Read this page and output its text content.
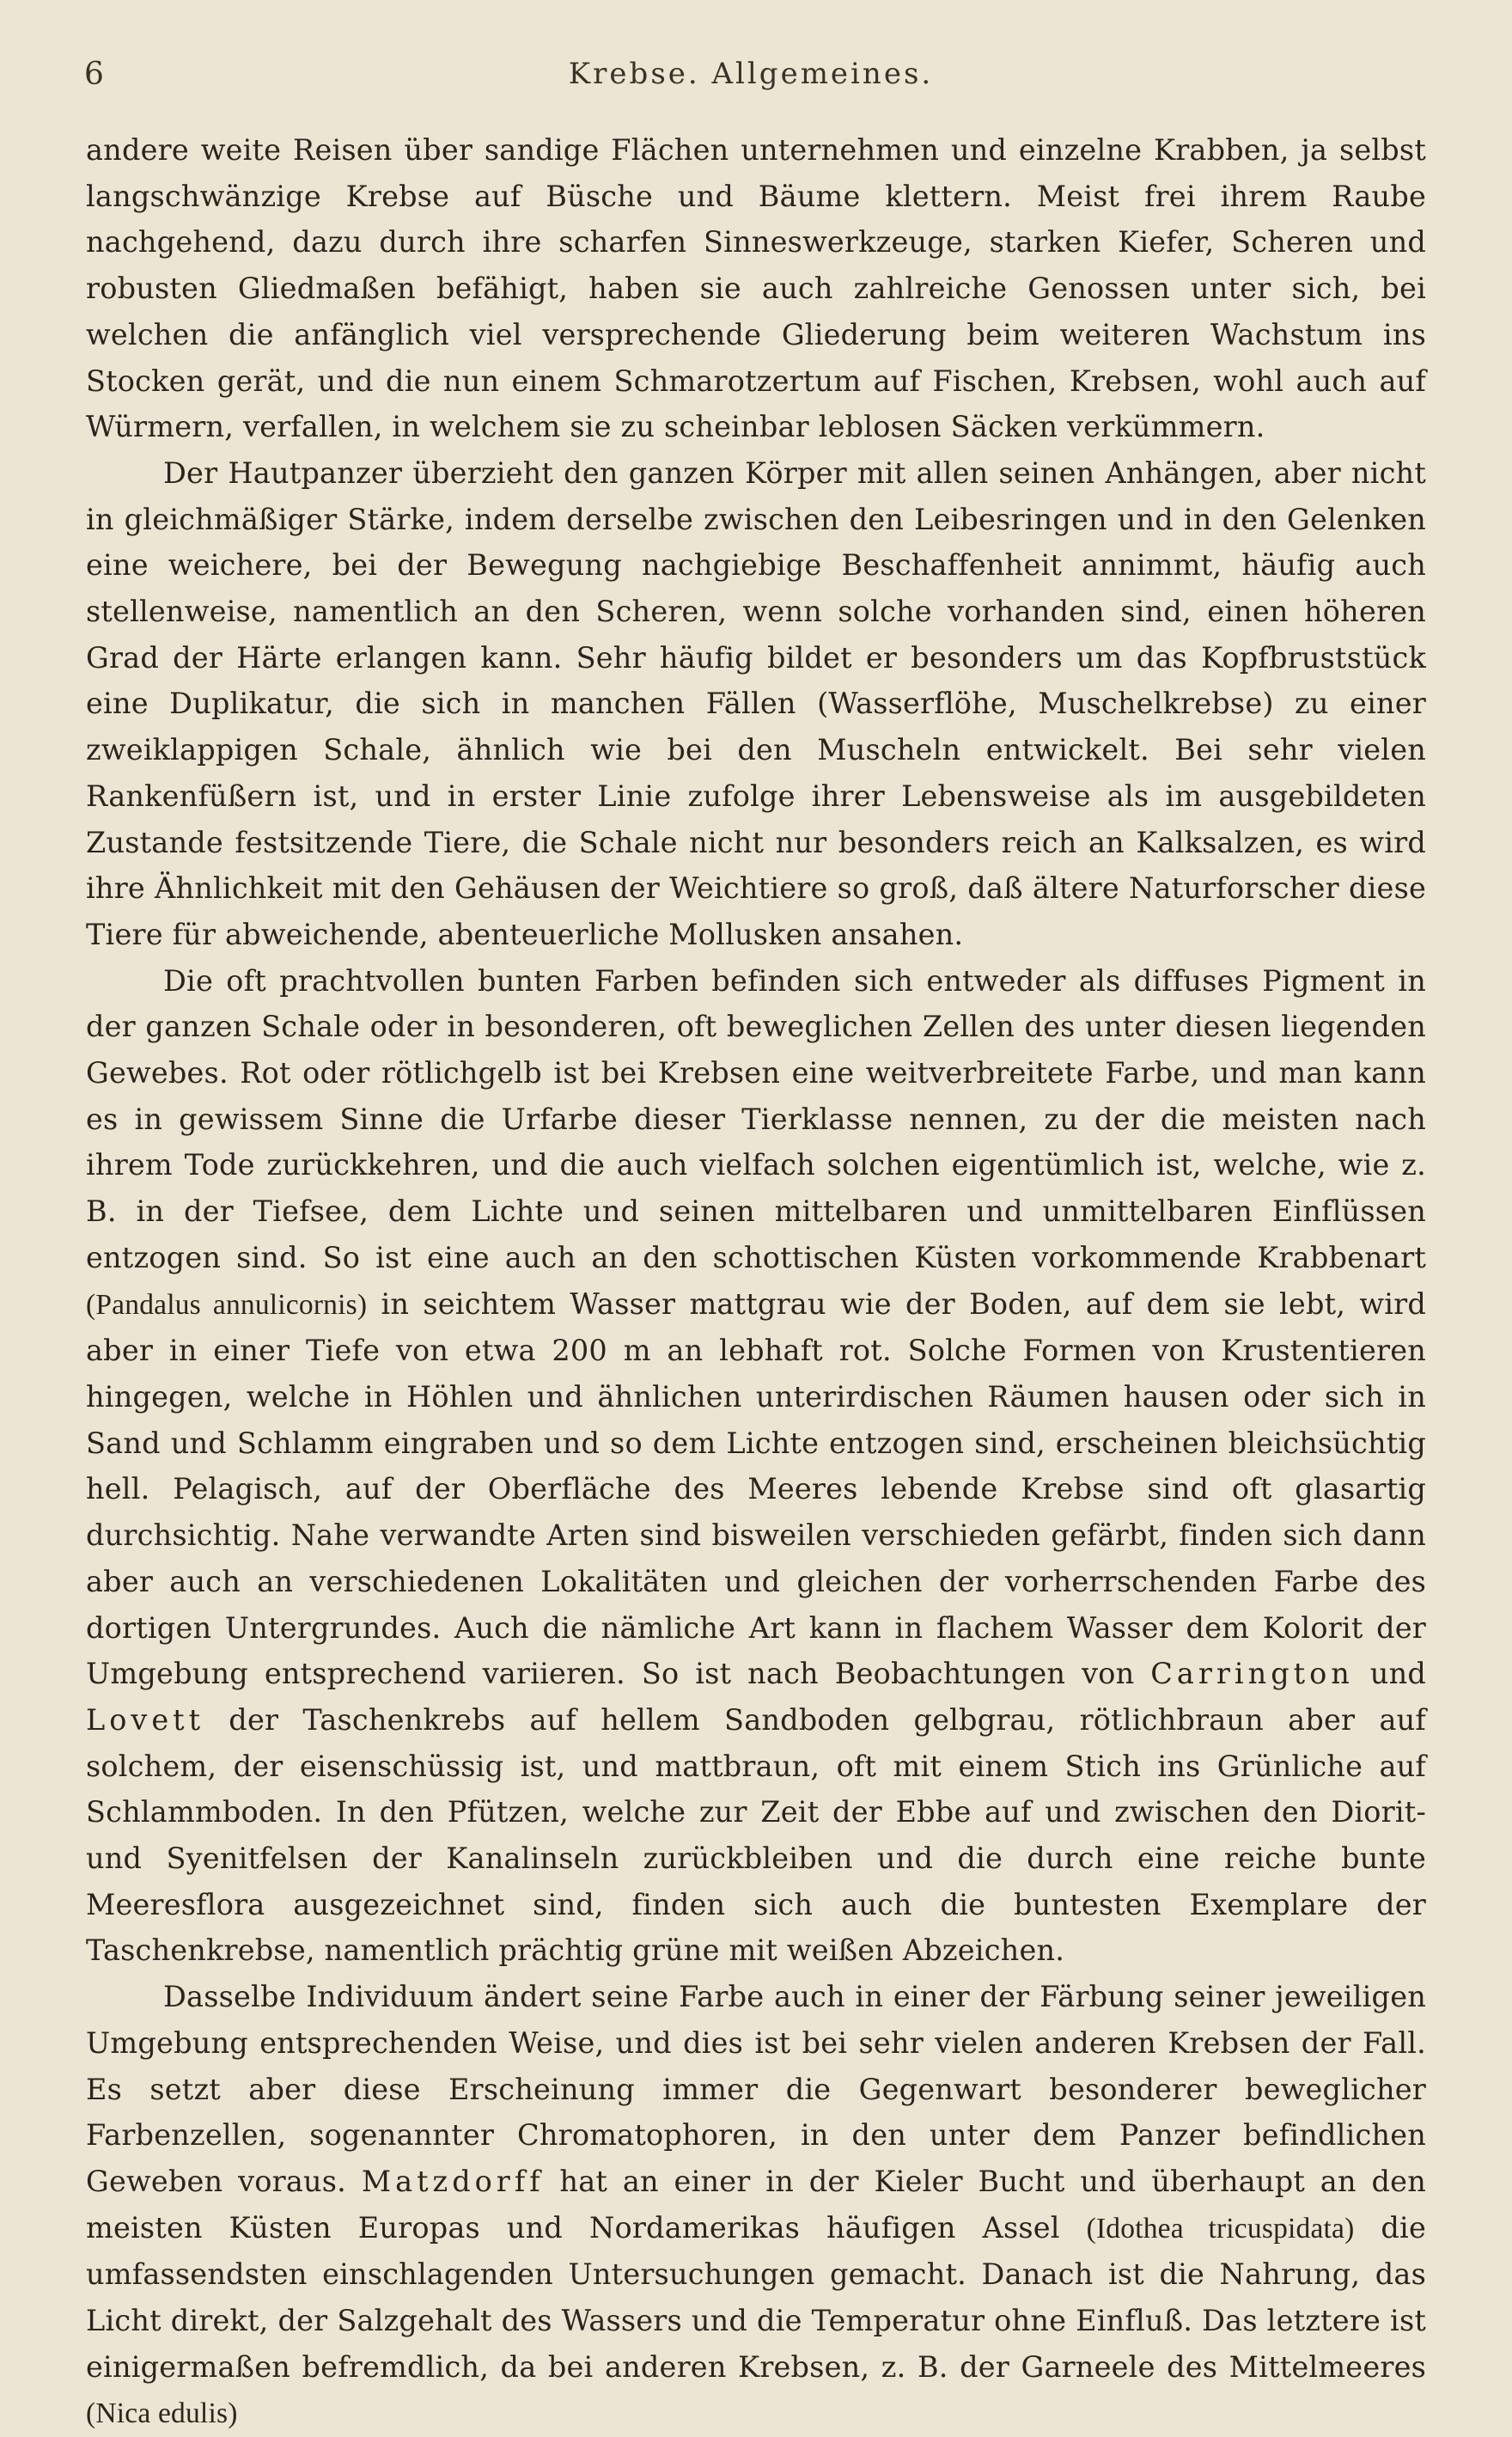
6	Krebse. Allgemeines.

andere weite Reisen über sandige Flächen unternehmen und einzelne Krabben, ja selbst langschwänzige Krebse auf Büsche und Bäume klettern. Meist frei ihrem Raube nachgehend, dazu durch ihre scharfen Sinneswerkzeuge, starken Kiefer, Scheren und robusten Gliedmaßen befähigt, haben sie auch zahlreiche Genossen unter sich, bei welchen die anfänglich viel versprechende Gliederung beim weiteren Wachstum ins Stocken gerät, und die nun einem Schmarotzertum auf Fischen, Krebsen, wohl auch auf Würmern, verfallen, in welchem sie zu scheinbar leblosen Säcken verkümmern.

Der Hautpanzer überzieht den ganzen Körper mit allen seinen Anhängen, aber nicht in gleichmäßiger Stärke, indem derselbe zwischen den Leibesringen und in den Gelenken eine weichere, bei der Bewegung nachgiebige Beschaffenheit annimmt, häufig auch stellenweise, namentlich an den Scheren, wenn solche vorhanden sind, einen höheren Grad der Härte erlangen kann. Sehr häufig bildet er besonders um das Kopfbruststück eine Duplikatur, die sich in manchen Fällen (Wasserflöhe, Muschelkrebse) zu einer zweiklappigen Schale, ähnlich wie bei den Muscheln entwickelt. Bei sehr vielen Rankenfüßern ist, und in erster Linie zufolge ihrer Lebensweise als im ausgebildeten Zustande festsitzende Tiere, die Schale nicht nur besonders reich an Kalksalzen, es wird ihre Ähnlichkeit mit den Gehäusen der Weichtiere so groß, daß ältere Naturforscher diese Tiere für abweichende, abenteuerliche Mollusken ansahen.

Die oft prachtvollen bunten Farben befinden sich entweder als diffuses Pigment in der ganzen Schale oder in besonderen, oft beweglichen Zellen des unter diesen liegenden Gewebes. Rot oder rötlichgelb ist bei Krebsen eine weitverbreitete Farbe, und man kann es in gewissem Sinne die Urfarbe dieser Tierklasse nennen, zu der die meisten nach ihrem Tode zurückkehren, und die auch vielfach solchen eigentümlich ist, welche, wie z. B. in der Tiefsee, dem Lichte und seinen mittelbaren und unmittelbaren Einflüssen entzogen sind. So ist eine auch an den schottischen Küsten vorkommende Krabbenart (Pandalus annulicornis) in seichtem Wasser mattgrau wie der Boden, auf dem sie lebt, wird aber in einer Tiefe von etwa 200 m an lebhaft rot. Solche Formen von Krustentieren hingegen, welche in Höhlen und ähnlichen unterirdischen Räumen hausen oder sich in Sand und Schlamm eingraben und so dem Lichte entzogen sind, erscheinen bleichsüchtig hell. Pelagisch, auf der Oberfläche des Meeres lebende Krebse sind oft glasartig durchsichtig. Nahe verwandte Arten sind bisweilen verschieden gefärbt, finden sich dann aber auch an verschiedenen Lokalitäten und gleichen der vorherrschenden Farbe des dortigen Untergrundes. Auch die nämliche Art kann in flachem Wasser dem Kolorit der Umgebung entsprechend variieren. So ist nach Beobachtungen von Carrington und Lovett der Taschenkrebs auf hellem Sandboden gelbgrau, rötlichbraun aber auf solchem, der eisenschüssig ist, und mattbraun, oft mit einem Stich ins Grünliche auf Schlammboden. In den Pfützen, welche zur Zeit der Ebbe auf und zwischen den Diorit- und Syenitfelsen der Kanalinseln zurückbleiben und die durch eine reiche bunte Meeresflora ausgezeichnet sind, finden sich auch die buntesten Exemplare der Taschenkrebse, namentlich prächtig grüne mit weißen Abzeichen.

Dasselbe Individuum ändert seine Farbe auch in einer der Färbung seiner jeweiligen Umgebung entsprechenden Weise, und dies ist bei sehr vielen anderen Krebsen der Fall. Es setzt aber diese Erscheinung immer die Gegenwart besonderer beweglicher Farbenzellen, sogenannter Chromatophoren, in den unter dem Panzer befindlichen Geweben voraus. Matzdorff hat an einer in der Kieler Bucht und überhaupt an den meisten Küsten Europas und Nordamerikas häufigen Assel (Idothea tricuspidata) die umfassendsten einschlagenden Untersuchungen gemacht. Danach ist die Nahrung, das Licht direkt, der Salzgehalt des Wassers und die Temperatur ohne Einfluß. Das letztere ist einigermaßen befremdlich, da bei anderen Krebsen, z. B. der Garneele des Mittelmeeres (Nica edulis)
